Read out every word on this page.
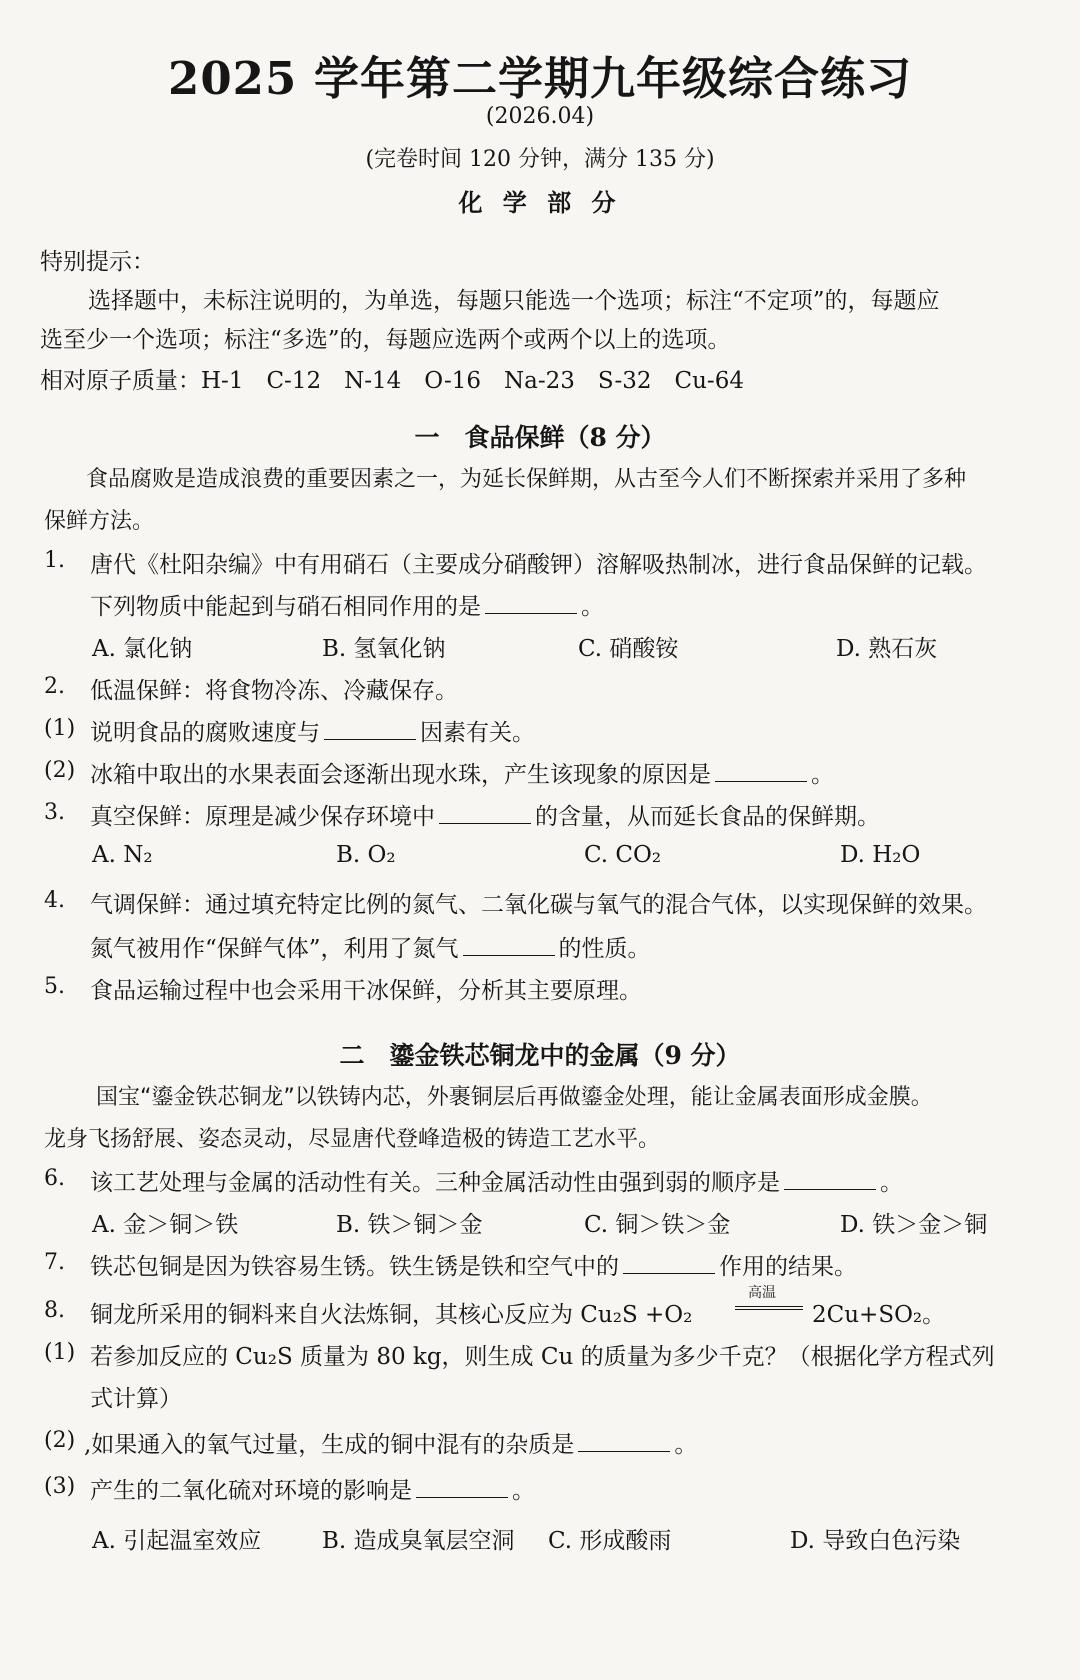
2025 学年第二学期九年级综合练习
(2026.04)
(完卷时间 120 分钟，满分 135 分)
化 学 部 分
特别提示：
选择题中，未标注说明的，为单选，每题只能选一个选项；标注“不定项”的，每题应
选至少一个选项；标注“多选”的，每题应选两个或两个以上的选项。
相对原子质量：H-1　C-12　N-14　O-16　Na-23　S-32　Cu-64
一　食品保鲜（8 分）
食品腐败是造成浪费的重要因素之一，为延长保鲜期，从古至今人们不断探索并采用了多种
保鲜方法。
1. 唐代《杜阳杂编》中有用硝石（主要成分硝酸钾）溶解吸热制冰，进行食品保鲜的记载。
下列物质中能起到与硝石相同作用的是	。
A. 氯化钠	B. 氢氧化钠	C. 硝酸铵	D. 熟石灰
2. 低温保鲜：将食物冷冻、冷藏保存。
(1) 说明食品的腐败速度与	因素有关。
(2) 冰箱中取出的水果表面会逐渐出现水珠，产生该现象的原因是	。
3. 真空保鲜：原理是减少保存环境中	的含量，从而延长食品的保鲜期。
A. N₂	B. O₂	C. CO₂	D. H₂O
4. 气调保鲜：通过填充特定比例的氮气、二氧化碳与氧气的混合气体，以实现保鲜的效果。
氮气被用作“保鲜气体”，利用了氮气	的性质。
5. 食品运输过程中也会采用干冰保鲜，分析其主要原理。
二　鎏金铁芯铜龙中的金属（9 分）
国宝“鎏金铁芯铜龙”以铁铸内芯，外裹铜层后再做鎏金处理，能让金属表面形成金膜。
龙身飞扬舒展、姿态灵动，尽显唐代登峰造极的铸造工艺水平。
6. 该工艺处理与金属的活动性有关。三种金属活动性由强到弱的顺序是	。
A. 金＞铜＞铁	B. 铁＞铜＞金	C. 铜＞铁＞金	D. 铁＞金＞铜
7. 铁芯包铜是因为铁容易生锈。铁生锈是铁和空气中的	作用的结果。
8. 铜龙所采用的铜料来自火法炼铜，其核心反应为 Cu₂S +O₂
高温
2Cu+SO₂。
(1) 若参加反应的 Cu₂S 质量为 80 kg，则生成 Cu 的质量为多少千克？（根据化学方程式列
式计算）
(2) ,如果通入的氧气过量，生成的铜中混有的杂质是	。
(3) 产生的二氧化硫对环境的影响是	。
A. 引起温室效应	B. 造成臭氧层空洞 C. 形成酸雨	D. 导致白色污染
